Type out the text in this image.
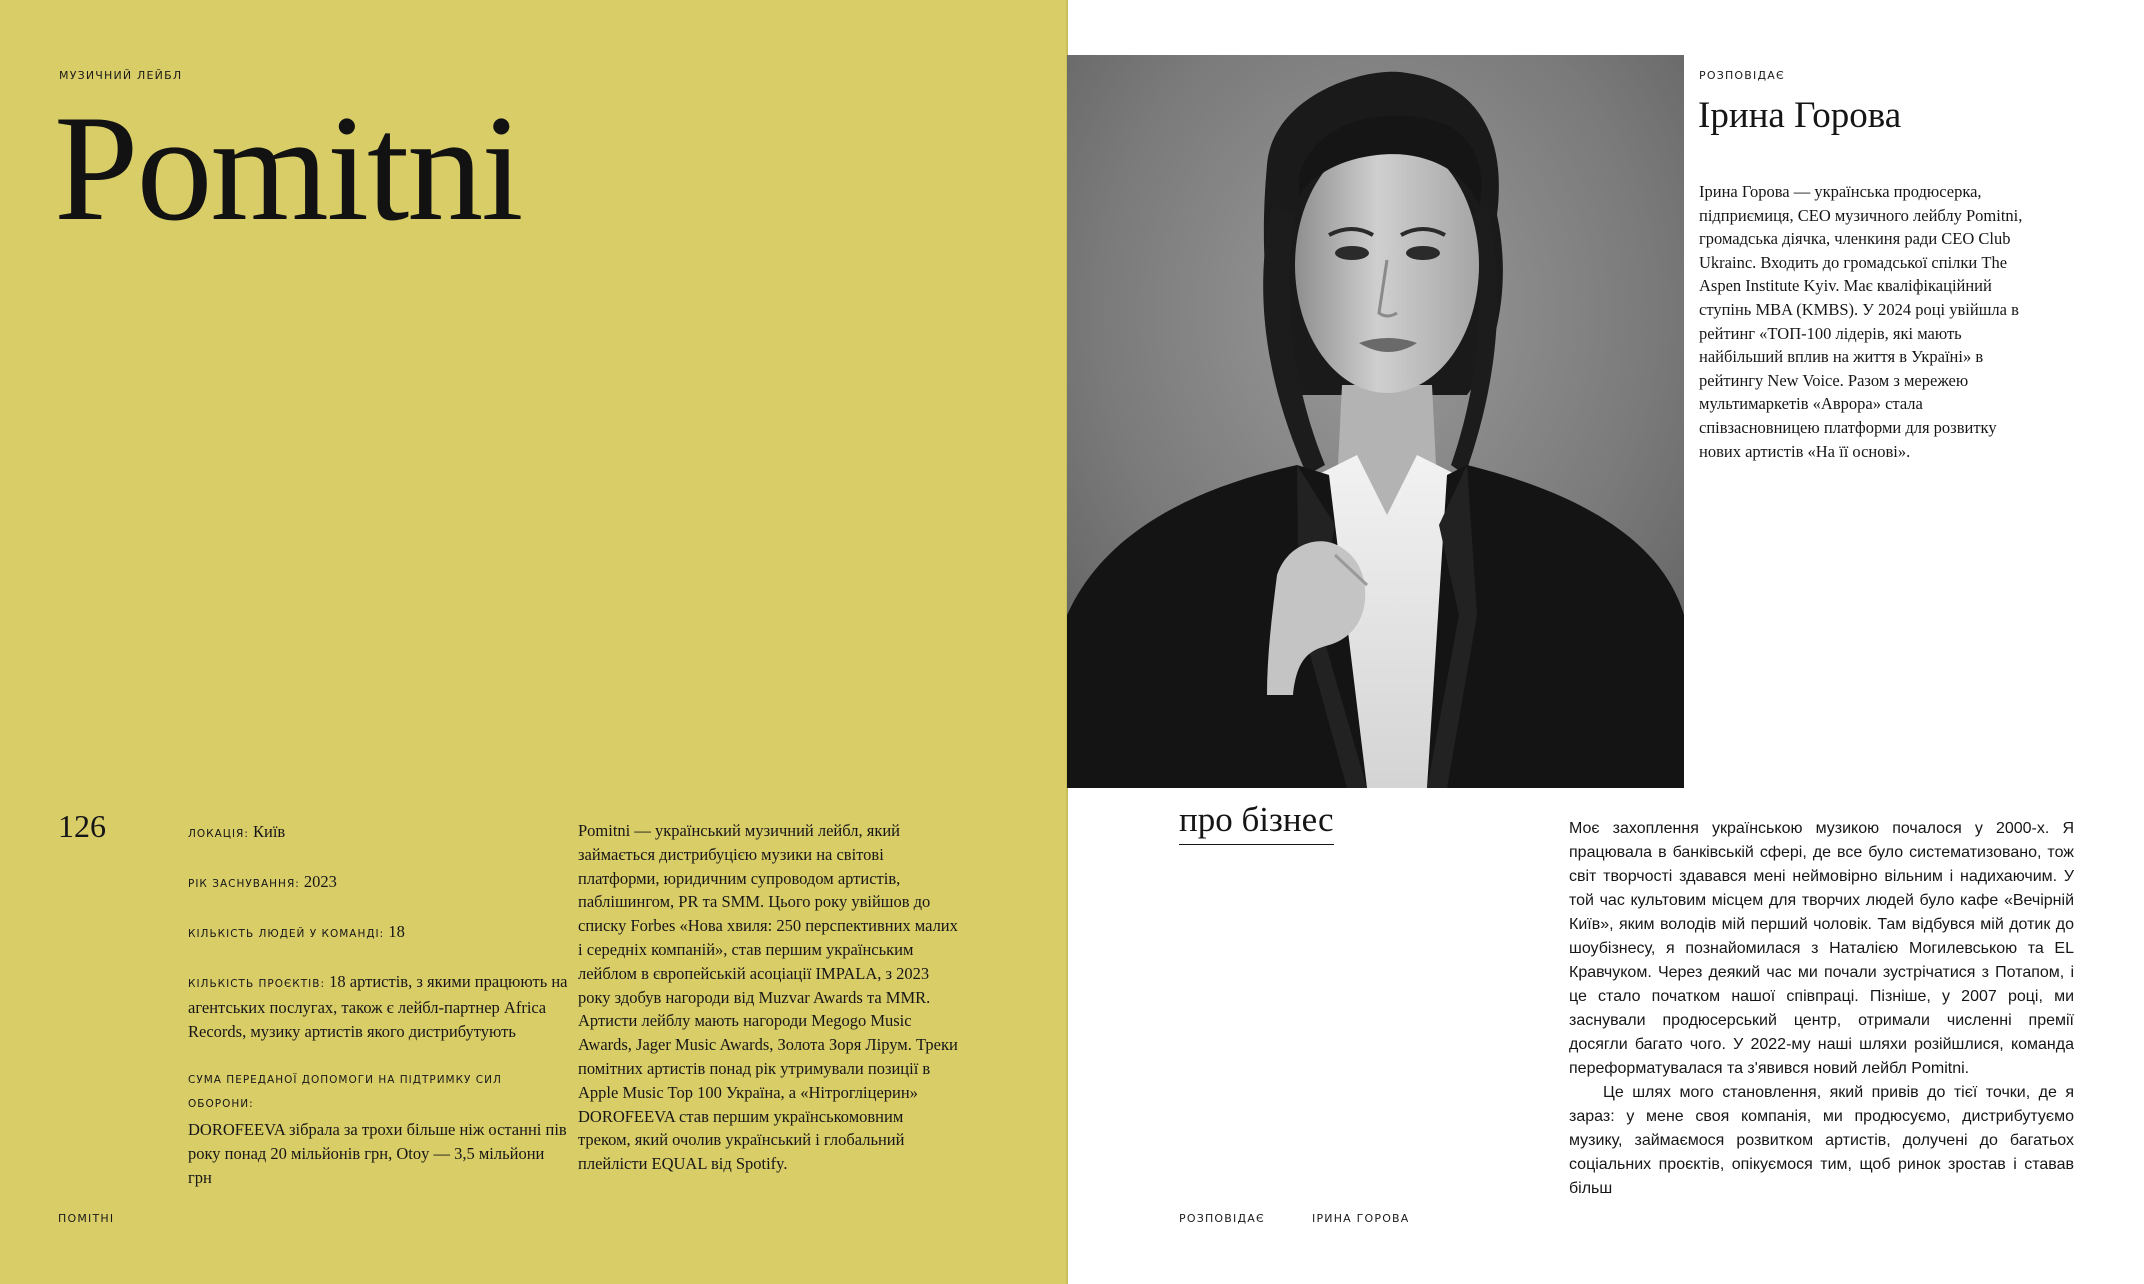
МУЗИЧНИЙ ЛЕЙБЛ
Pomitni
126	ЛОКАЦІЯ: Київ
РІК ЗАСНУВАННЯ: 2023
КІЛЬКІСТЬ ЛЮДЕЙ У КОМАНДІ: 18
КІЛЬКІСТЬ ПРОЄКТІВ: 18 артистів, з якими працюють на агентських послугах, також є лейбл-партнер Africa Records, музику артистів якого дистрибутують
СУМА ПЕРЕДАНОЇ ДОПОМОГИ НА ПІДТРИМКУ СИЛ ОБОРОНИ:
DOROFEEVA зібрала за трохи більше ніж останні пів року понад 20 мільйонів грн, Otoy — 3,5 мільйони грн

Pomitni — український музичний лейбл, який займається дистрибуцією музики на світові платформи, юридичним супроводом артистів, паблішингом, PR та SMM. Цього року увійшов до списку Forbes «Нова хвиля: 250 перспективних малих і середніх компаній», став першим українським лейблом в європейській асоціації IMPALA, з 2023 року здобув нагороди від Muzvar Awards та MMR. Артисти лейблу мають нагороди Megogo Music Awards, Jager Music Awards, Золота Зоря Лірум. Треки помітних артистів понад рік утримували позиції в Apple Music Top 100 Україна, а «Нітрогліцерин» DOROFEEVA став першим українськомовним треком, який очолив український і глобальний плейлісти EQUAL від Spotify.

ПОМІТНІ
РОЗПОВІДАЄ
Ірина Горова

Ірина Горова — українська продюсерка, підприємиця, CEO музичного лейблу Pomitni, громадська діячка, членкиня ради CEO Club Ukrainc. Входить до громадської спілки The Aspen Institute Kyiv. Має кваліфікаційний ступінь MBA (KMBS). У 2024 році увійшла в рейтинг «ТОП-100 лідерів, які мають найбільший вплив на життя в Україні» в рейтингу New Voice. Разом з мережею мультимаркетів «Аврора» стала співзасновницею платформи для розвитку нових артистів «На її основі».

про бізнес	Моє захоплення українською музикою почалося у 2000-х. Я працювала в банківській сфері, де все було систематизовано, тож світ творчості здавався мені неймовірно вільним і надихаючим. У той час культовим місцем для творчих людей було кафе «Вечірній Київ», яким володів мій перший чоловік. Там відбувся мій дотик до шоубізнесу, я познайомилася з Наталією Могилевською та EL Кравчуком. Через деякий час ми почали зустрічатися з Потапом, і це стало початком нашої співпраці. Пізніше, у 2007 році, ми заснували продюсерський центр, отримали численні премії досягли багато чого. У 2022-му наші шляхи розійшлися, команда переформатувалася та з'явився новий лейбл Pomitni.

Це шлях мого становлення, який привів до тієї точки, де я зараз: у мене своя компанія, ми продюсуємо, дистрибутуємо музику, займаємося розвитком артистів, долучені до багатьох соціальних проєктів, опікуємося тим, щоб ринок зростав і ставав більш

РОЗПОВІДАЄ	ІРИНА ГОРОВА
